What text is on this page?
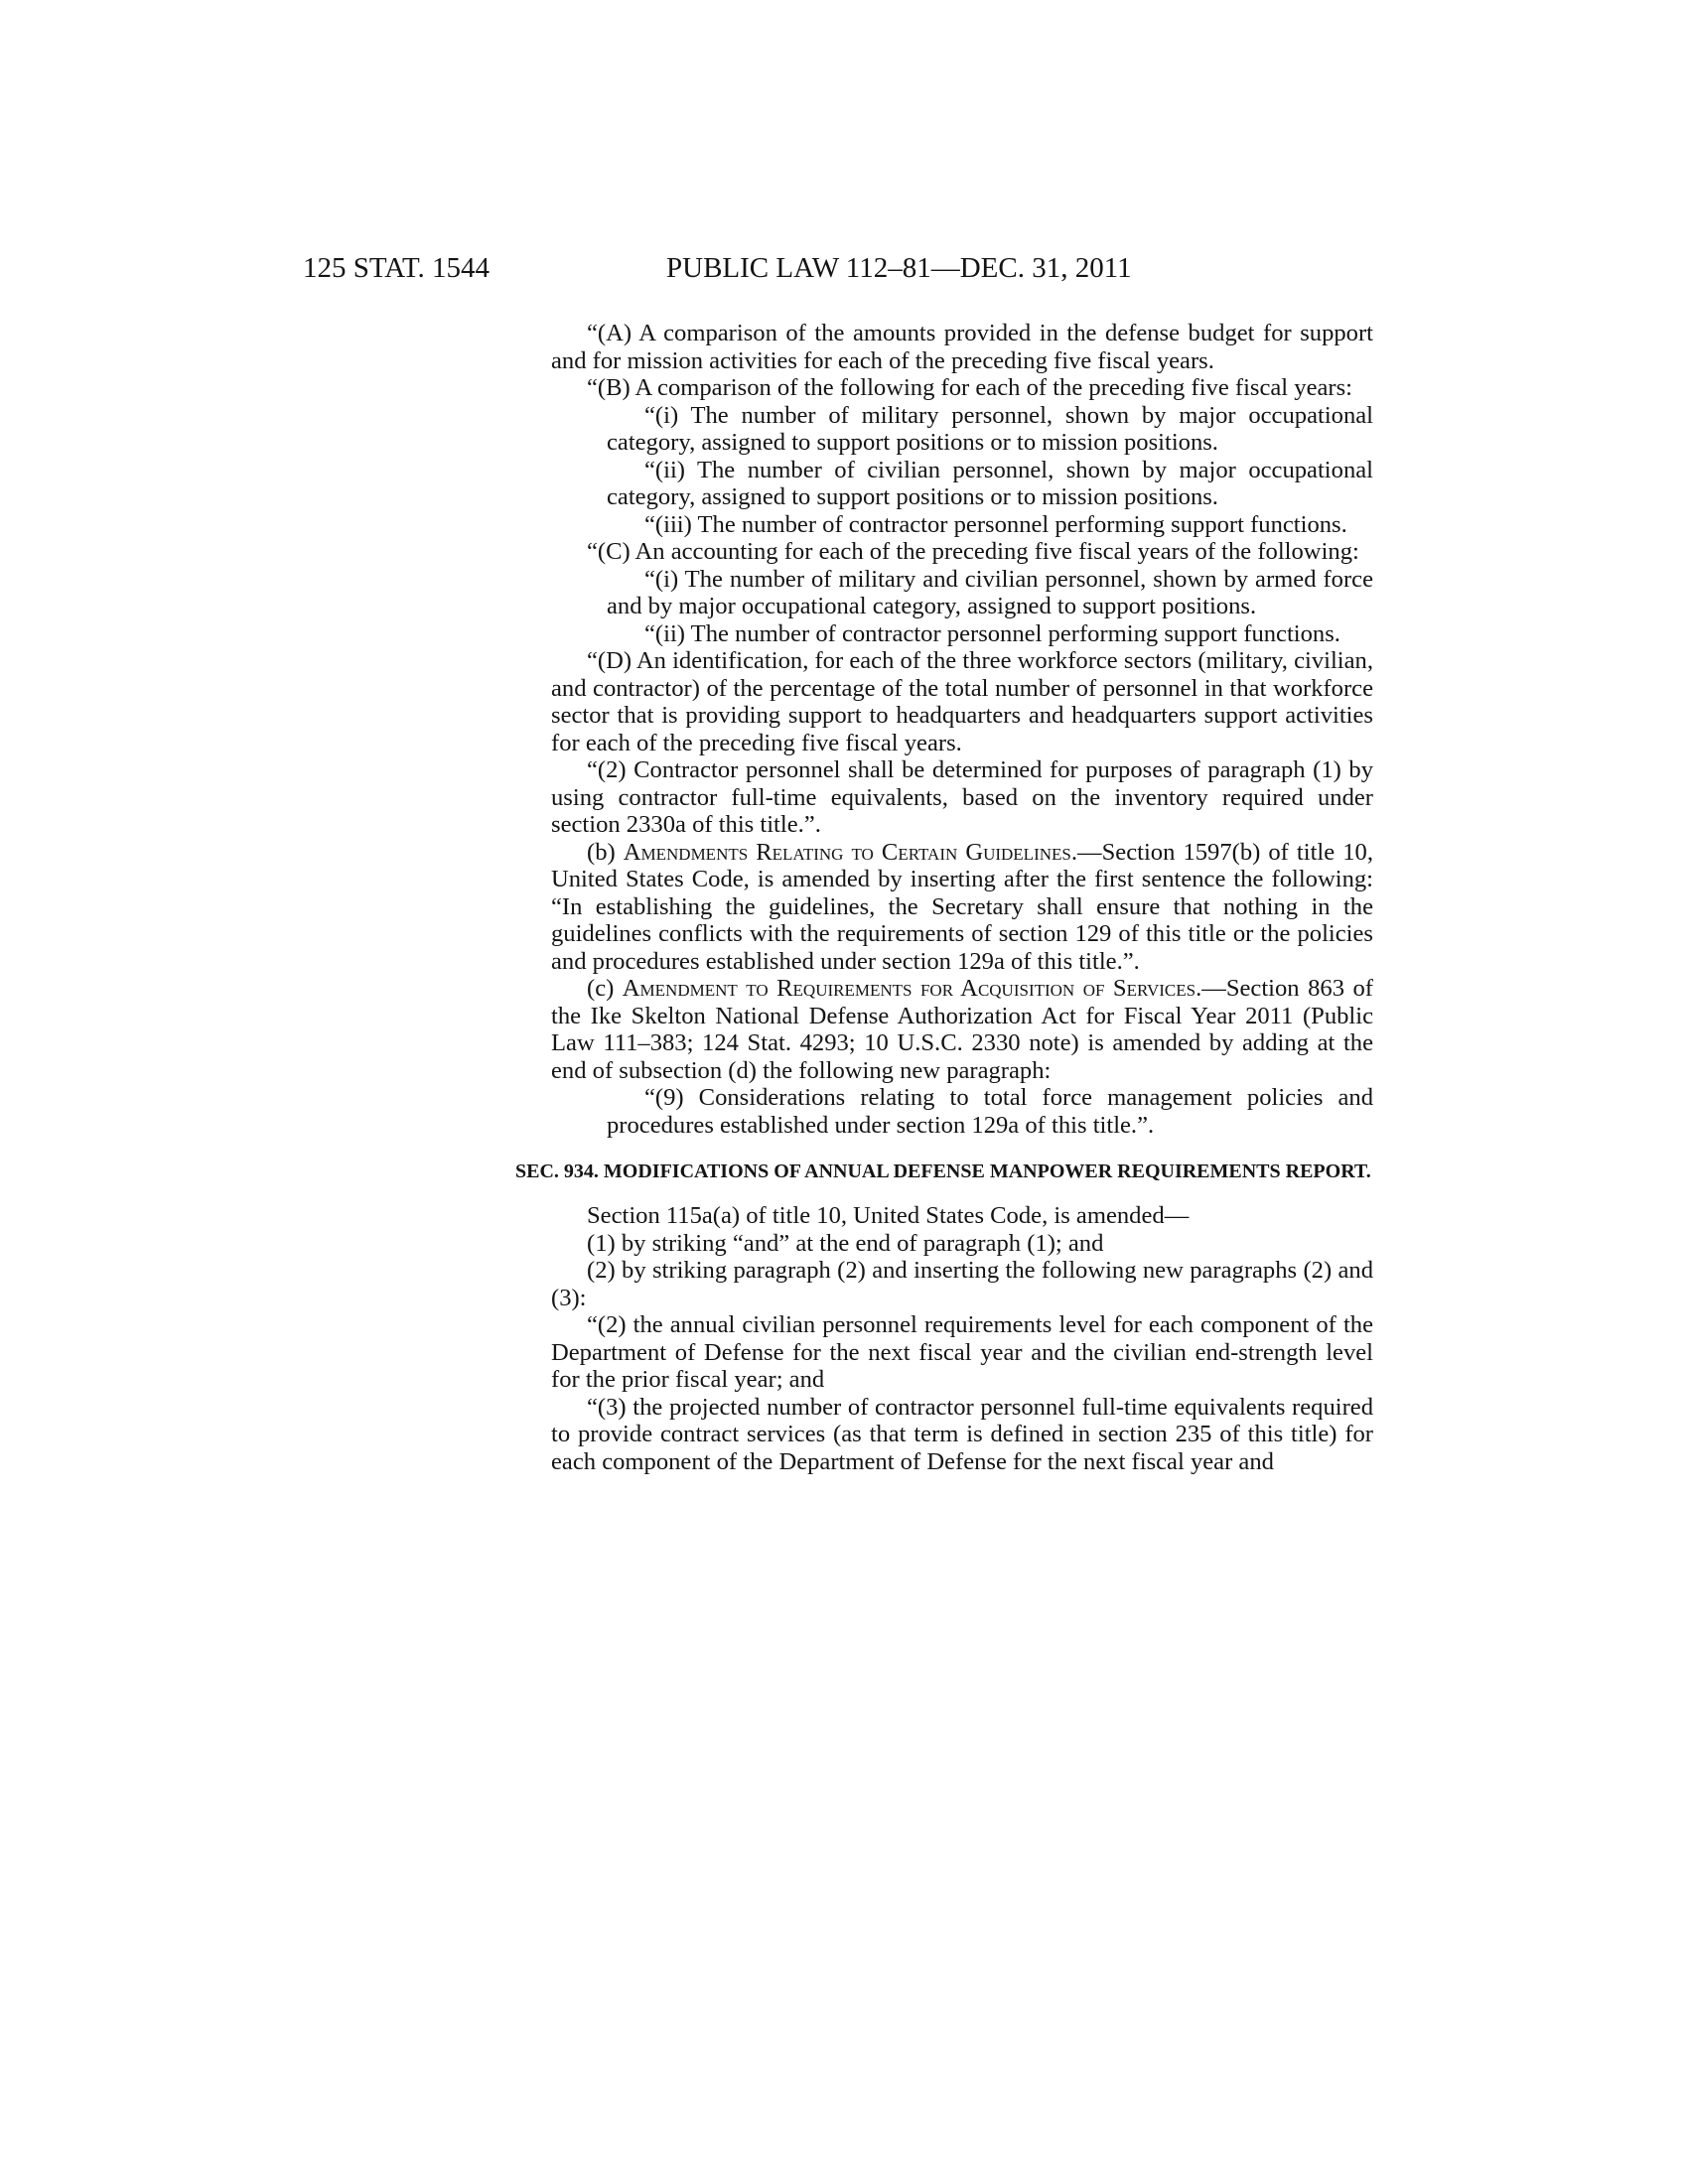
125 STAT. 1544	PUBLIC LAW 112–81—DEC. 31, 2011

“(A) A comparison of the amounts provided in the defense budget for support and for mission activities for each of the preceding five fiscal years.

“(B) A comparison of the following for each of the preceding five fiscal years:

“(i) The number of military personnel, shown by major occupational category, assigned to support positions or to mission positions.

“(ii) The number of civilian personnel, shown by major occupational category, assigned to support positions or to mission positions.

“(iii) The number of contractor personnel performing support functions.

“(C) An accounting for each of the preceding five fiscal years of the following:

“(i) The number of military and civilian personnel, shown by armed force and by major occupational category, assigned to support positions.

“(ii) The number of contractor personnel performing support functions.

“(D) An identification, for each of the three workforce sectors (military, civilian, and contractor) of the percentage of the total number of personnel in that workforce sector that is providing support to headquarters and headquarters support activities for each of the preceding five fiscal years.

“(2) Contractor personnel shall be determined for purposes of paragraph (1) by using contractor full-time equivalents, based on the inventory required under section 2330a of this title.”.

(b) Amendments Relating to Certain Guidelines.—Section 1597(b) of title 10, United States Code, is amended by inserting after the first sentence the following: “In establishing the guidelines, the Secretary shall ensure that nothing in the guidelines conflicts with the requirements of section 129 of this title or the policies and procedures established under section 129a of this title.”.

(c) Amendment to Requirements for Acquisition of Services.—Section 863 of the Ike Skelton National Defense Authorization Act for Fiscal Year 2011 (Public Law 111–383; 124 Stat. 4293; 10 U.S.C. 2330 note) is amended by adding at the end of subsection (d) the following new paragraph:

“(9) Considerations relating to total force management policies and procedures established under section 129a of this title.”.

SEC. 934. MODIFICATIONS OF ANNUAL DEFENSE MANPOWER REQUIREMENTS REPORT.

Section 115a(a) of title 10, United States Code, is amended—

(1) by striking “and” at the end of paragraph (1); and

(2) by striking paragraph (2) and inserting the following new paragraphs (2) and (3):

“(2) the annual civilian personnel requirements level for each component of the Department of Defense for the next fiscal year and the civilian end-strength level for the prior fiscal year; and

“(3) the projected number of contractor personnel full-time equivalents required to provide contract services (as that term is defined in section 235 of this title) for each component of the Department of Defense for the next fiscal year and
